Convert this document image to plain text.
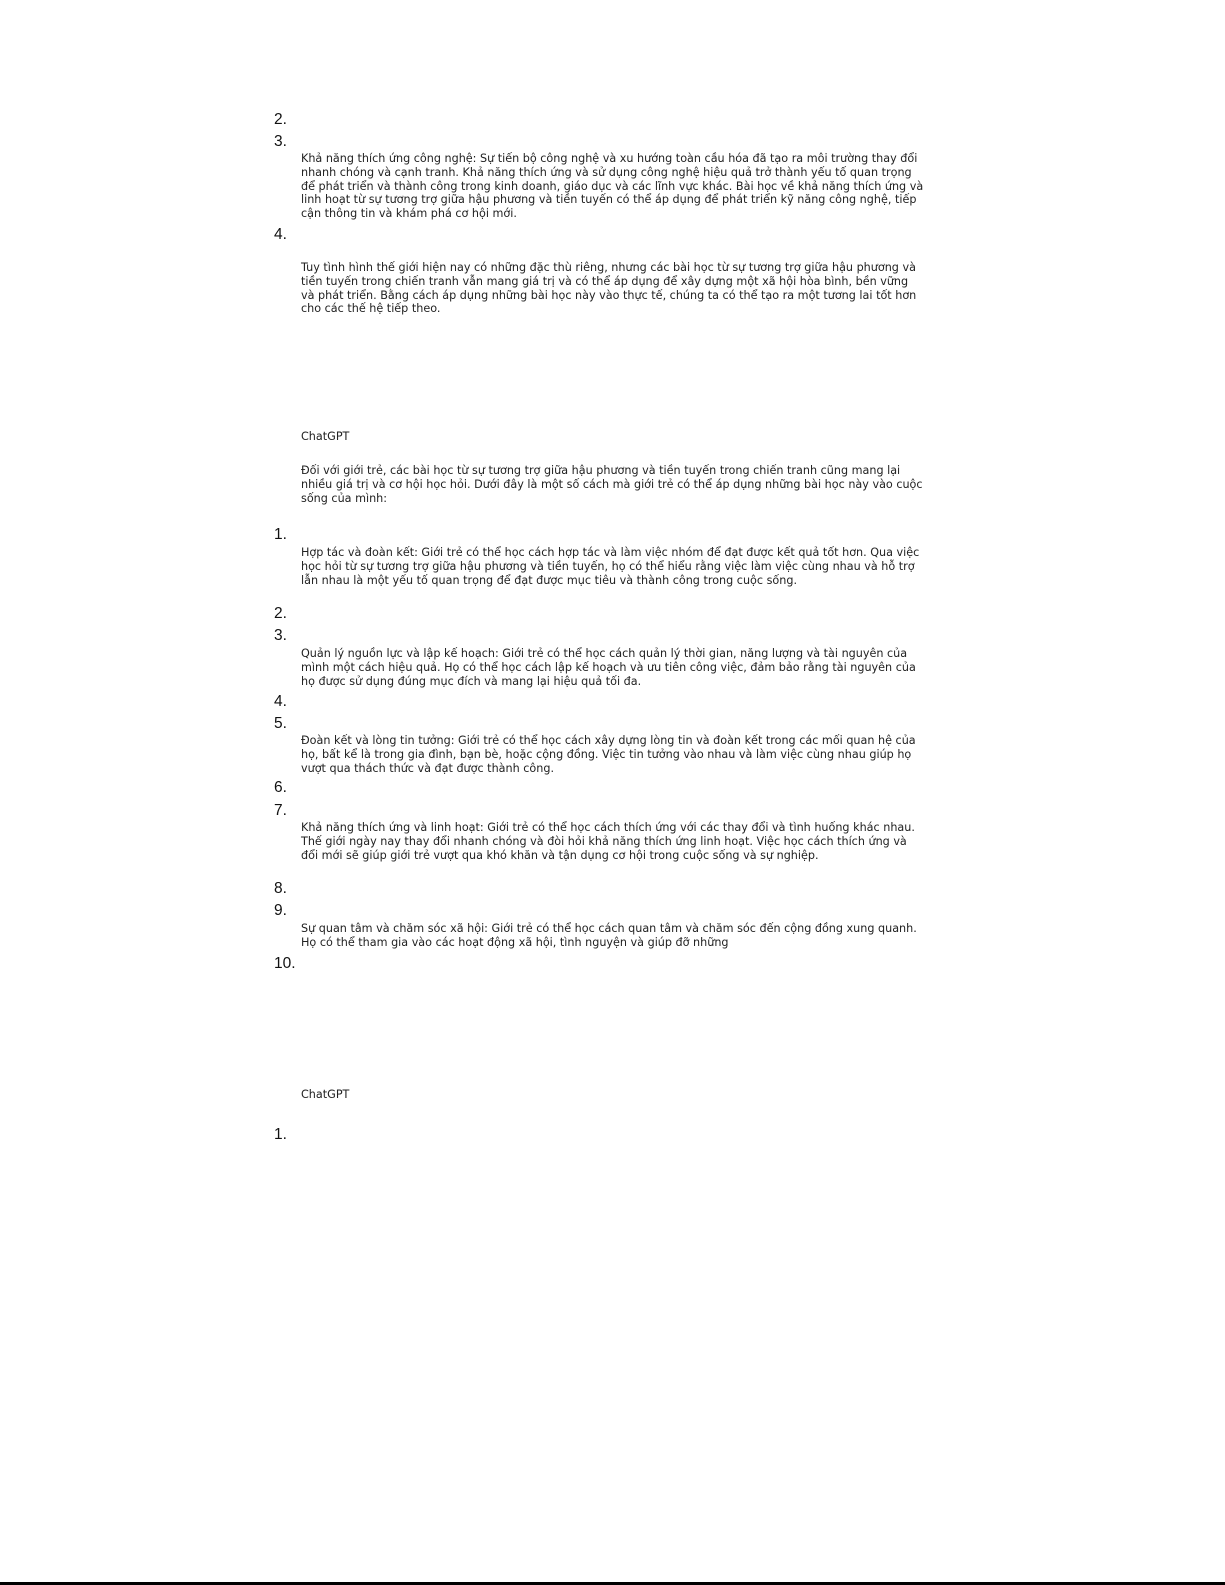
2.
3.

Khả năng thích ứng công nghệ: Sự tiến bộ công nghệ và xu hướng toàn cầu hóa đã tạo ra môi trường thay đổi nhanh chóng và cạnh tranh. Khả năng thích ứng và sử dụng công nghệ hiệu quả trở thành yếu tố quan trọng để phát triển và thành công trong kinh doanh, giáo dục và các lĩnh vực khác. Bài học về khả năng thích ứng và linh hoạt từ sự tương trợ giữa hậu phương và tiền tuyến có thể áp dụng để phát triển kỹ năng công nghệ, tiếp cận thông tin và khám phá cơ hội mới.

4.

Tuy tình hình thế giới hiện nay có những đặc thù riêng, nhưng các bài học từ sự tương trợ giữa hậu phương và tiền tuyến trong chiến tranh vẫn mang giá trị và có thể áp dụng để xây dựng một xã hội hòa bình, bền vững và phát triển. Bằng cách áp dụng những bài học này vào thực tế, chúng ta có thể tạo ra một tương lai tốt hơn cho các thế hệ tiếp theo.

ChatGPT

Đối với giới trẻ, các bài học từ sự tương trợ giữa hậu phương và tiền tuyến trong chiến tranh cũng mang lại nhiều giá trị và cơ hội học hỏi. Dưới đây là một số cách mà giới trẻ có thể áp dụng những bài học này vào cuộc sống của mình:

1.

Hợp tác và đoàn kết: Giới trẻ có thể học cách hợp tác và làm việc nhóm để đạt được kết quả tốt hơn. Qua việc học hỏi từ sự tương trợ giữa hậu phương và tiền tuyến, họ có thể hiểu rằng việc làm việc cùng nhau và hỗ trợ lẫn nhau là một yếu tố quan trọng để đạt được mục tiêu và thành công trong cuộc sống.

2.
3.

Quản lý nguồn lực và lập kế hoạch: Giới trẻ có thể học cách quản lý thời gian, năng lượng và tài nguyên của mình một cách hiệu quả. Họ có thể học cách lập kế hoạch và ưu tiên công việc, đảm bảo rằng tài nguyên của họ được sử dụng đúng mục đích và mang lại hiệu quả tối đa.

4.
5.

Đoàn kết và lòng tin tưởng: Giới trẻ có thể học cách xây dựng lòng tin và đoàn kết trong các mối quan hệ của họ, bất kể là trong gia đình, bạn bè, hoặc cộng đồng. Việc tin tưởng vào nhau và làm việc cùng nhau giúp họ vượt qua thách thức và đạt được thành công.

6.
7.

Khả năng thích ứng và linh hoạt: Giới trẻ có thể học cách thích ứng với các thay đổi và tình huống khác nhau. Thế giới ngày nay thay đổi nhanh chóng và đòi hỏi khả năng thích ứng linh hoạt. Việc học cách thích ứng và đổi mới sẽ giúp giới trẻ vượt qua khó khăn và tận dụng cơ hội trong cuộc sống và sự nghiệp.

8.
9.

Sự quan tâm và chăm sóc xã hội: Giới trẻ có thể học cách quan tâm và chăm sóc đến cộng đồng xung quanh. Họ có thể tham gia vào các hoạt động xã hội, tình nguyện và giúp đỡ những

10.
ChatGPT
1.
